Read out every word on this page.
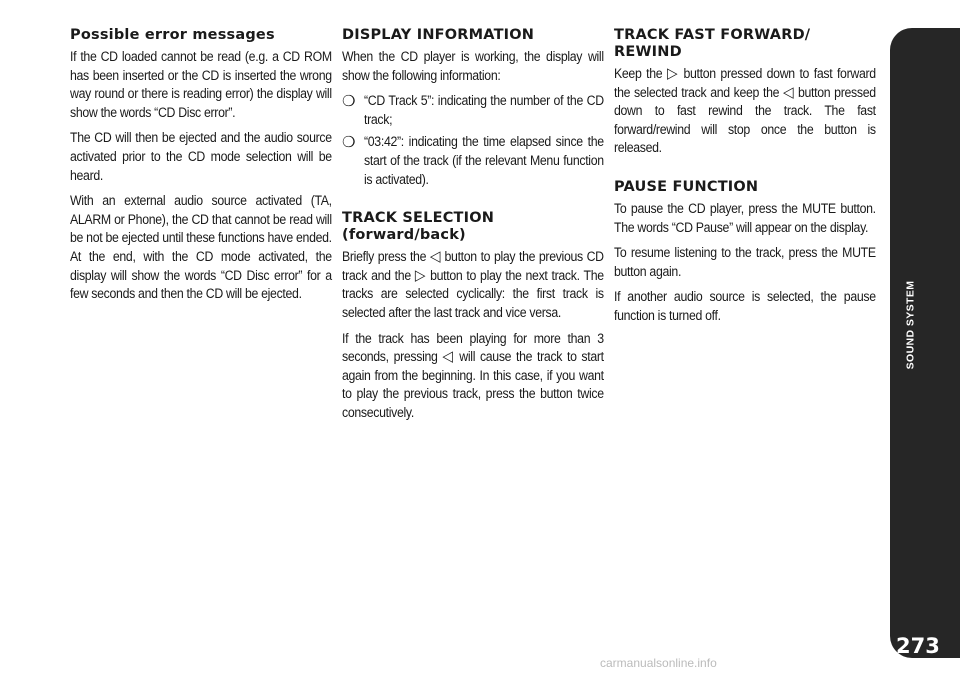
Possible error messages

If the CD loaded cannot be read (e.g. a CD ROM has been inserted or the CD is inserted the wrong way round or there is reading error) the display will show the words “CD Disc error”.

The CD will then be ejected and the audio source activated prior to the CD mode selection will be heard.

With an external audio source activated (TA, ALARM or Phone), the CD that cannot be read will be not be ejected until these functions have ended. At the end, with the CD mode activated, the display will show the words “CD Disc error” for a few seconds and then the CD will be ejected.

DISPLAY INFORMATION

When the CD player is working, the display will show the following information:

❍ “CD Track 5”: indicating the number of the CD track;

❍ “03:42”: indicating the time elapsed since the start of the track (if the relevant Menu function is activated).

TRACK SELECTION
(forward/back)

Briefly press the ◁ button to play the previous CD track and the ▷ button to play the next track. The tracks are selected cyclically: the first track is selected after the last track and vice versa.

If the track has been playing for more than 3 seconds, pressing ◁ will cause the track to start again from the beginning. In this case, if you want to play the previous track, press the button twice consecutively.

TRACK FAST FORWARD/
REWIND

Keep the ▷ button pressed down to fast forward the selected track and keep the ◁ button pressed down to fast rewind the track. The fast forward/rewind will stop once the button is released.

PAUSE FUNCTION

To pause the CD player, press the MUTE button. The words “CD Pause” will appear on the display.

To resume listening to the track, press the MUTE button again.

If another audio source is selected, the pause function is turned off.	SOUND SYSTEM
273
carmanualsonline.info
